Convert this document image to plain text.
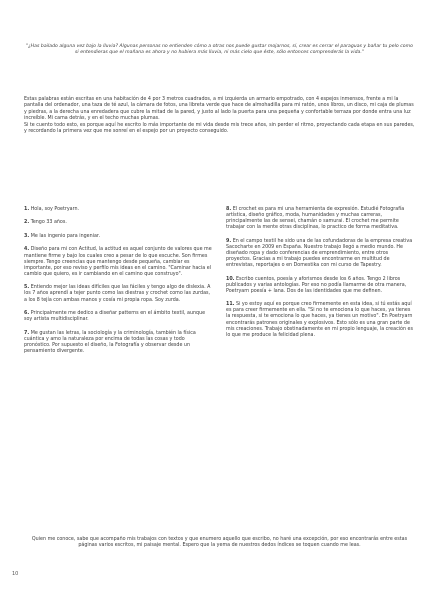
"¿Has bailado alguna vez bajo la lluvia? Algunas personas no entienden cómo a otras nos puede gustar mojarnos, sí, crear es cerrar el paraguas y bañar tu pelo como si entendieras que el mañana es ahora y no hubiera más lluvia, ni más cielo que éste, sólo entonces comprenderás la vida."

Estas palabras están escritas en una habitación de 4 por 3 metros cuadrados, a mi izquierda un armario empotrado, con 4 espejos inmensos, frente a mi la pantalla del ordenador, una taza de té azul, la cámara de fotos, una libreta verde que hace de almohadilla para mi ratón, unos libros, un disco, mi caja de plumas y piedras, a la derecha una enredadera que cubre la mitad de la pared, y justo al lado la puerta para una pequeña y confortable terraza por donde entra una luz increíble. Mi cama detrás, y en el techo muchas plumas.

Si te cuento todo esto, es porque aquí he escrito lo más importante de mi vida desde mis trece años, sin perder el ritmo, proyectando cada etapa en sus paredes, y recordando la primera vez que me sonreí en el espejo por un proyecto conseguido.

1. Hola, soy Poetryarn.

2. Tengo 33 años.

3. Me las ingenio para ingeniar.

4. Diseño para mi con Actitud, la actitud es aquel conjunto de valores que me mantiene firme y bajo los cuales creo a pesar de lo que escuche. Son firmes siempre. Tengo creencias que mantengo desde pequeña, cambiar es importante, por eso reviso y perfilo mis ideas en el camino. "Caminar hacia el cambio que quiero, es ir cambiando en el camino que construyo".

5. Entiendo mejor las ideas difíciles que las fáciles y tengo algo de dislexia. A los 7 años aprendí a tejer punto como las diestras y crochet como las zurdas, a los 8 tejía con ambas manos y cosía mi propia ropa. Soy zurda.

6. Principalmente me dedico a diseñar patterns en el ámbito textil, aunque soy artista multidisciplinar.

7. Me gustan las letras, la sociología y la criminología, también la física cuántica y amo la naturaleza por encima de todas las cosas y todo pronóstico. Por supuesto el diseño, la Fotografía y observar desde un pensamiento divergente.

8. El crochet es para mi una herramienta de expresión. Estudié Fotografía artística, diseño gráfico, moda, humanidades y muchas carreras, principalmente las de sensei, chamán o samurai. El crochet me permite trabajar con la mente otras disciplinas, lo practico de forma meditativa.

9. En el campo textil he sido una de las cofundadoras de la empresa creativa Sacocharte en 2009 en España. Nuestro trabajo llegó a medio mundo. He diseñado ropa y dado conferencias de emprendimiento, entre otros proyectos. Gracias a mi trabajo puedes encontrarme en multitud de entrevistas, reportajes o en Domestika con mi curso de Tapestry.

10. Escribo cuentos, poesía y aforismos desde los 6 años. Tengo 2 libros publicados y varias antologías. Por eso no podía llamarme de otra manera, Poetryarn poesía + lana. Dos de las identidades que me definen.

11. Si yo estoy aquí es porque creo firmemente en esta idea, si tú estás aquí es para creer firmemente en ella. "Si no te emociona lo que haces, ya tienes la respuesta, si te emociona lo que haces, ya tienes un motivo". En Poetryarn encontrarás patrones originales y explosivos. Esto sólo es una gran parte de mis creaciones. Trabajo obstinadamente en mi propio lenguaje, la creación es lo que me produce la felicidad plena.

Quien me conoce, sabe que acompaño mis trabajos con textos y que enumero aquello que escribo, no haré una excepción, por eso encontrarás entre estas páginas varios escritos, mi paisaje mental. Espero que la yema de nuestros dedos índices se toquen cuando me leas.
10
